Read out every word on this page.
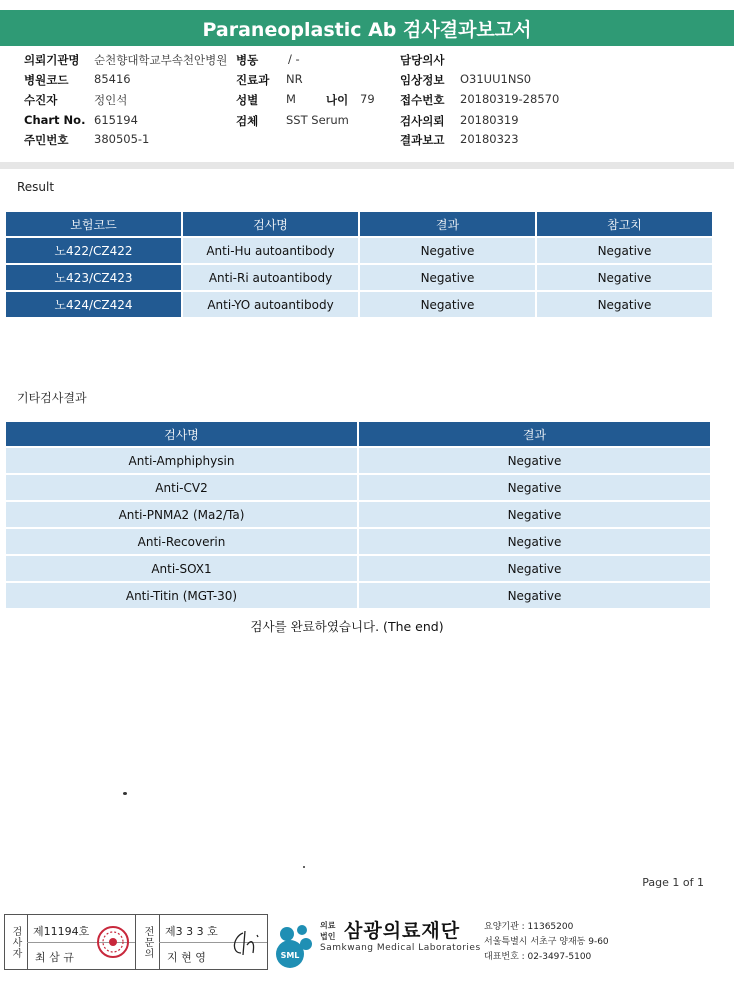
Paraneoplastic Ab 검사결과보고서
의뢰기관명 순천향대학교부속천안병원 병동	/ -	담당의사
병원코드 85416	진료과 NR	임상정보 O31UU1NS0
수진자	정인석	성별 M	나이 79 접수번호 20180319-28570
Chart No. 615194	검체 SST Serum	검사의뢰 20180319
주민번호 380505-1	결과보고 20180323
Result
보험코드	검사명	결과	참고치
노422/CZ422	Anti-Hu autoantibody	Negative	Negative
노423/CZ423	Anti-Ri autoantibody	Negative	Negative
노424/CZ424	Anti-YO autoantibody	Negative	Negative
기타검사결과
검사명	결과
Anti-Amphiphysin	Negative
Anti-CV2	Negative
Anti-PNMA2 (Ma2/Ta)	Negative
Anti-Recoverin	Negative
Anti-SOX1	Negative
Anti-Titin (MGT-30)	Negative
검사를 완료하였습니다. (The end)
Page 1 of 1
검사자 제11194호
최 삼 규	전문의 제3 3 3 호
지 현 영	SML
의료법인 삼광의료재단
Samkwang Medical Laboratories
요양기관 : 11365200
서울특별시 서초구 양재동 9-60
대표번호 : 02-3497-5100
